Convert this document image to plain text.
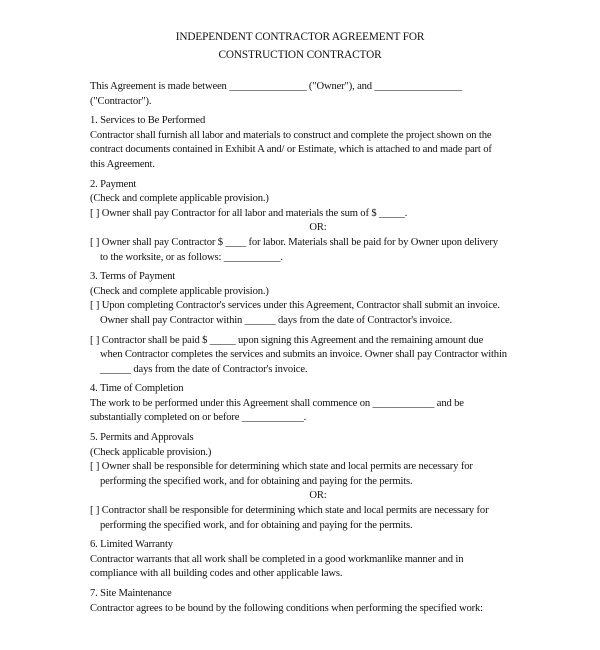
INDEPENDENT CONTRACTOR AGREEMENT FOR
CONSTRUCTION CONTRACTOR

This Agreement is made between _______________ ("Owner"), and _________________

("Contractor").

1. Services to Be Performed

Contractor shall furnish all labor and materials to construct and complete the project shown on the

contract documents contained in Exhibit A and/ or Estimate, which is attached to and made part of

this Agreement.

2. Payment

(Check and complete applicable provision.)

[ ] Owner shall pay Contractor for all labor and materials the sum of $ _____.

OR:

[ ] Owner shall pay Contractor $ ____ for labor. Materials shall be paid for by Owner upon delivery

to the worksite, or as follows: ___________.

3. Terms of Payment

(Check and complete applicable provision.)

[ ] Upon completing Contractor's services under this Agreement, Contractor shall submit an invoice.

Owner shall pay Contractor within ______ days from the date of Contractor's invoice.

[ ] Contractor shall be paid $ _____ upon signing this Agreement and the remaining amount due

when Contractor completes the services and submits an invoice. Owner shall pay Contractor within

______ days from the date of Contractor's invoice.

4. Time of Completion

The work to be performed under this Agreement shall commence on ____________ and be

substantially completed on or before ____________.

5. Permits and Approvals

(Check applicable provision.)

[ ] Owner shall be responsible for determining which state and local permits are necessary for

performing the specified work, and for obtaining and paying for the permits.

OR:

[ ] Contractor shall be responsible for determining which state and local permits are necessary for

performing the specified work, and for obtaining and paying for the permits.

6. Limited Warranty

Contractor warrants that all work shall be completed in a good workmanlike manner and in

compliance with all building codes and other applicable laws.

7. Site Maintenance

Contractor agrees to be bound by the following conditions when performing the specified work:
